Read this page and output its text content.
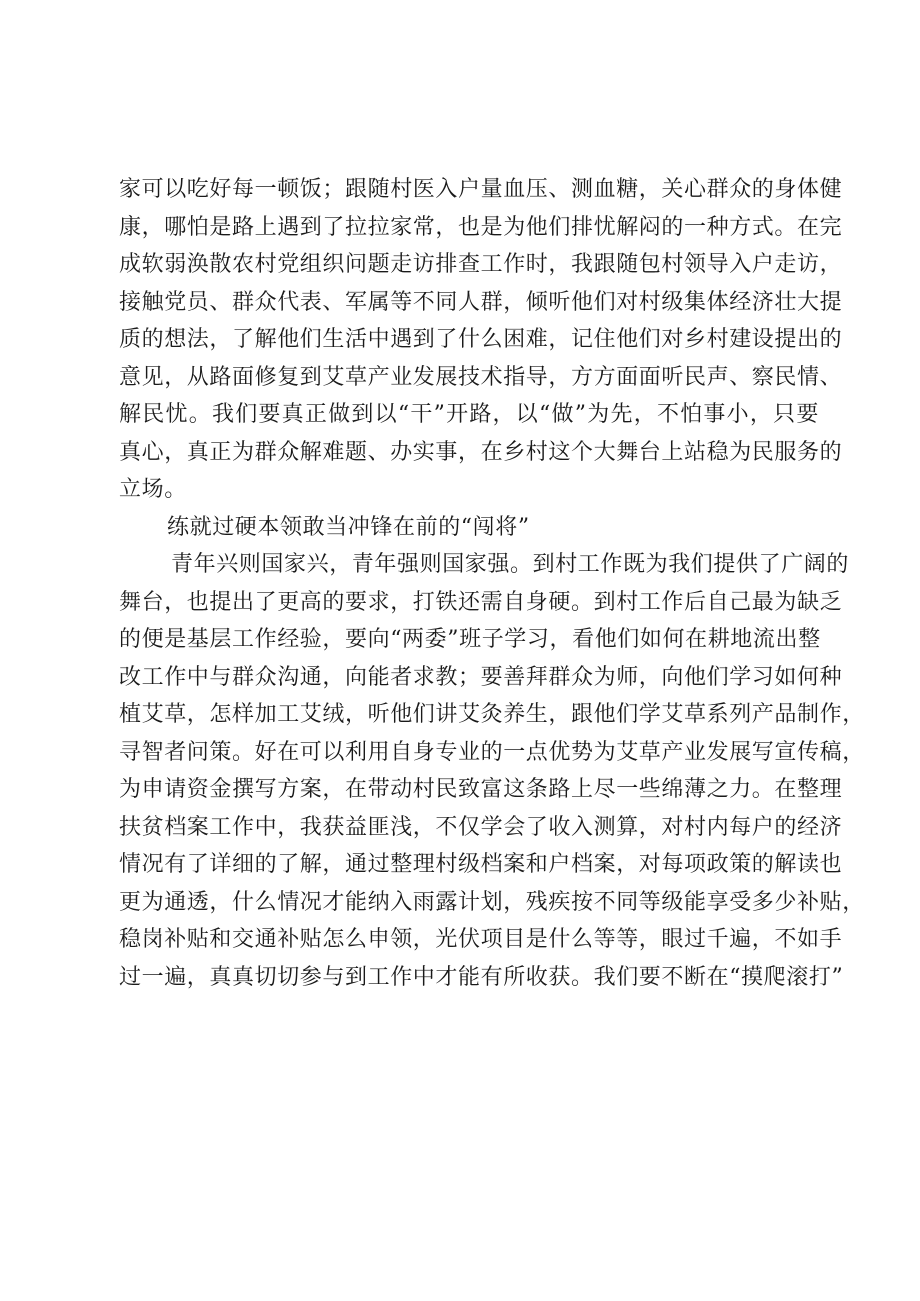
家可以吃好每一顿饭；跟随村医入户量血压、测血糖，关心群众的身体健
康，哪怕是路上遇到了拉拉家常，也是为他们排忧解闷的一种方式。在完
成软弱涣散农村党组织问题走访排查工作时，我跟随包村领导入户走访，
接触党员、群众代表、军属等不同人群，倾听他们对村级集体经济壮大提
质的想法，了解他们生活中遇到了什么困难，记住他们对乡村建设提出的
意见，从路面修复到艾草产业发展技术指导，方方面面听民声、察民情、
解民忧。我们要真正做到以“干”开路，以“做”为先，不怕事小，只要
真心，真正为群众解难题、办实事，在乡村这个大舞台上站稳为民服务的
立场。
练就过硬本领敢当冲锋在前的“闯将”
青年兴则国家兴，青年强则国家强。到村工作既为我们提供了广阔的
舞台，也提出了更高的要求，打铁还需自身硬。到村工作后自己最为缺乏
的便是基层工作经验，要向“两委”班子学习，看他们如何在耕地流出整
改工作中与群众沟通，向能者求教；要善拜群众为师，向他们学习如何种
植艾草，怎样加工艾绒，听他们讲艾灸养生，跟他们学艾草系列产品制作，
寻智者问策。好在可以利用自身专业的一点优势为艾草产业发展写宣传稿，
为申请资金撰写方案，在带动村民致富这条路上尽一些绵薄之力。在整理
扶贫档案工作中，我获益匪浅，不仅学会了收入测算，对村内每户的经济
情况有了详细的了解，通过整理村级档案和户档案，对每项政策的解读也
更为通透，什么情况才能纳入雨露计划，残疾按不同等级能享受多少补贴，
稳岗补贴和交通补贴怎么申领，光伏项目是什么等等，眼过千遍，不如手
过一遍，真真切切参与到工作中才能有所收获。我们要不断在“摸爬滚打”
